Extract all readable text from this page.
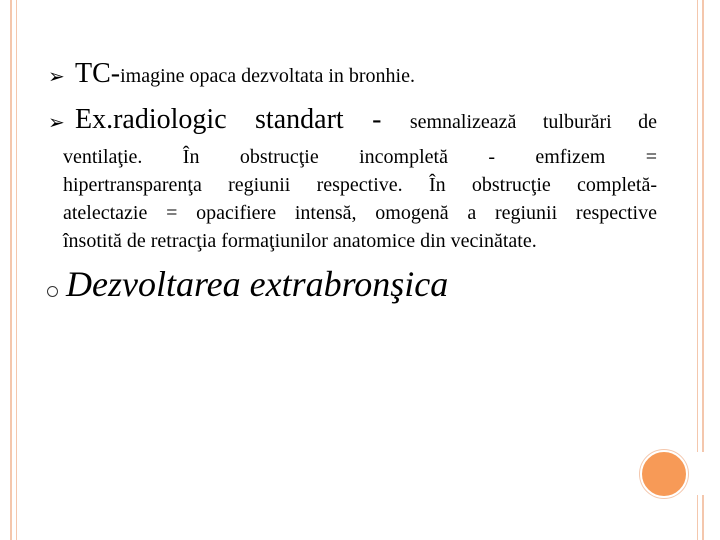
➢ TC-imagine opaca dezvoltata in bronhie.
➢ Ex.radiologic standart - semnalizează tulburări de
ventilaţie. În obstrucţie incompletă - emfizem =
hipertransparenţa regiunii respective. În obstrucţie completă-
atelectazie = opacifiere intensă, omogenă a regiunii respective
însotită de retracţia formaţiunilor anatomice din vecinătate.
Dezvoltarea extrabronşica
